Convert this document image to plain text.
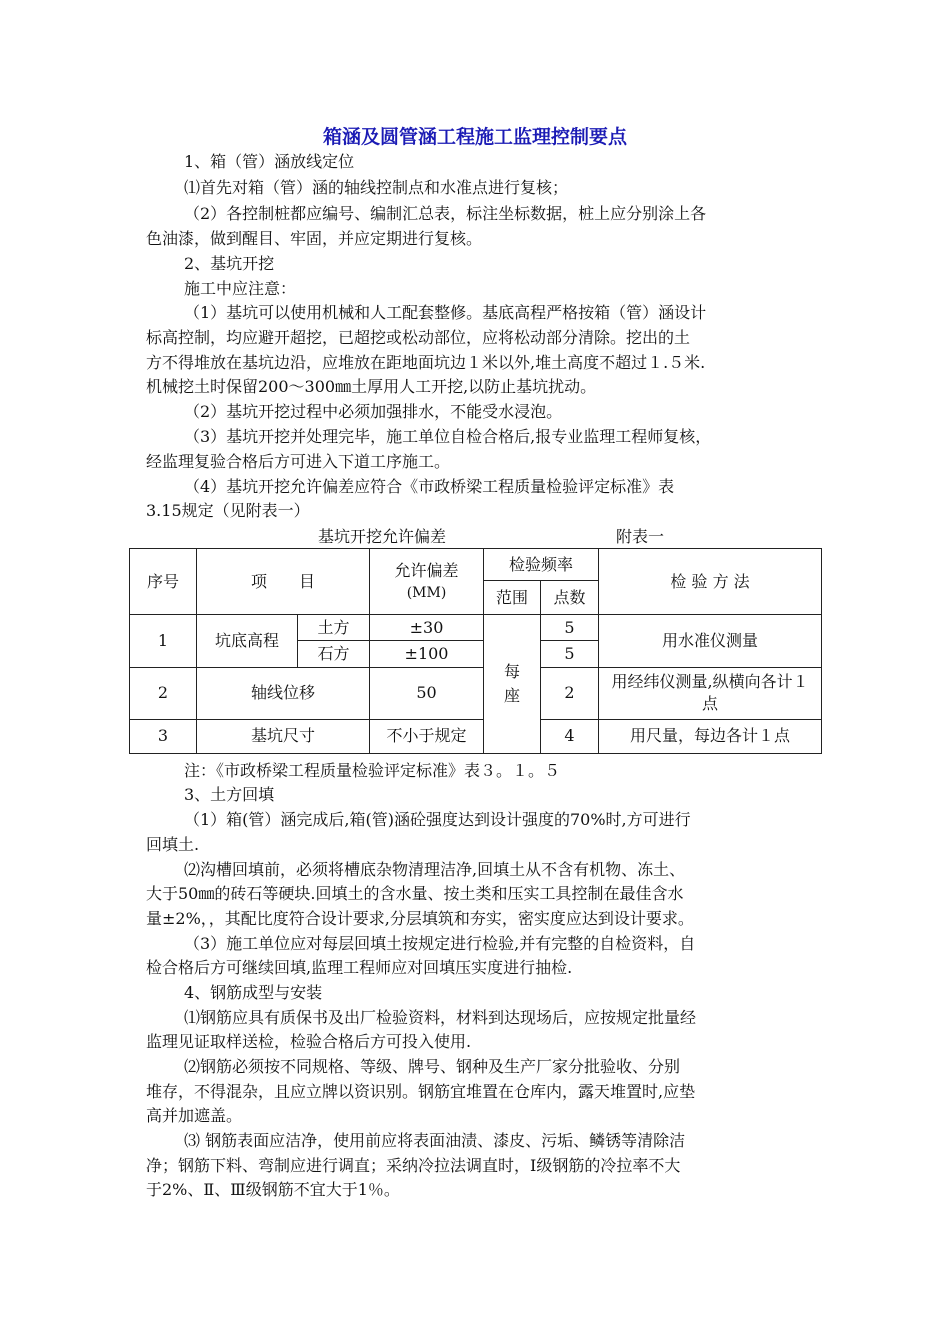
箱涵及圆管涵工程施工监理控制要点
1、箱（管）涵放线定位
⑴首先对箱（管）涵的轴线控制点和水准点进行复核；
（2）各控制桩都应编号、编制汇总表，标注坐标数据，桩上应分别涂上各
色油漆，做到醒目、牢固，并应定期进行复核。
2、基坑开挖
施工中应注意：
（1）基坑可以使用机械和人工配套整修。基底高程严格按箱（管）涵设计
标高控制，均应避开超挖，已超挖或松动部位，应将松动部分清除。挖出的土
方不得堆放在基坑边沿，应堆放在距地面坑边１米以外,堆土高度不超过１.５米.
机械挖土时保留200～300㎜土厚用人工开挖,以防止基坑扰动。
（2）基坑开挖过程中必须加强排水，不能受水浸泡。
（3）基坑开挖并处理完毕，施工单位自检合格后,报专业监理工程师复核，
经监理复验合格后方可进入下道工序施工。
（4）基坑开挖允许偏差应符合《市政桥梁工程质量检验评定标准》表
3.15规定（见附表一）
注：《市政桥梁工程质量检验评定标准》表３。１。５
3、土方回填
（1）箱(管）涵完成后,箱(管)涵砼强度达到设计强度的70%时,方可进行
回填土.
⑵沟槽回填前，必须将槽底杂物清理洁净,回填土从不含有机物、冻土、
大于50㎜的砖石等硬块.回填土的含水量、按土类和压实工具控制在最佳含水
量±2%，，其配比度符合设计要求,分层填筑和夯实，密实度应达到设计要求。
（3）施工单位应对每层回填土按规定进行检验,并有完整的自检资料，自
检合格后方可继续回填,监理工程师应对回填压实度进行抽检.
4、钢筋成型与安装
⑴钢筋应具有质保书及出厂检验资料，材料到达现场后，应按规定批量经
监理见证取样送检，检验合格后方可投入使用.
⑵钢筋必须按不同规格、等级、牌号、钢种及生产厂家分批验收、分别
堆存，不得混杂，且应立牌以资识别。钢筋宜堆置在仓库内，露天堆置时,应垫
高并加遮盖。
⑶ 钢筋表面应洁净，使用前应将表面油渍、漆皮、污垢、鳞锈等清除洁
净；钢筋下料、弯制应进行调直；采纳冷拉法调直时，Ⅰ级钢筋的冷拉率不大
于2%、Ⅱ、Ⅲ级钢筋不宜大于1％。
基坑开挖允许偏差	附表一
序号	项　　目		允许偏差
(MM)	检验频率		检 验 方 法
				范围	点数	
1	坑底高程	土方	±30	每座	5	用水准仪测量
		石方	±100		5	
2	轴线位移		50		2	用经纬仪测量,纵横向各计１点
3	基坑尺寸		不小于规定		4	用尺量，每边各计１点
